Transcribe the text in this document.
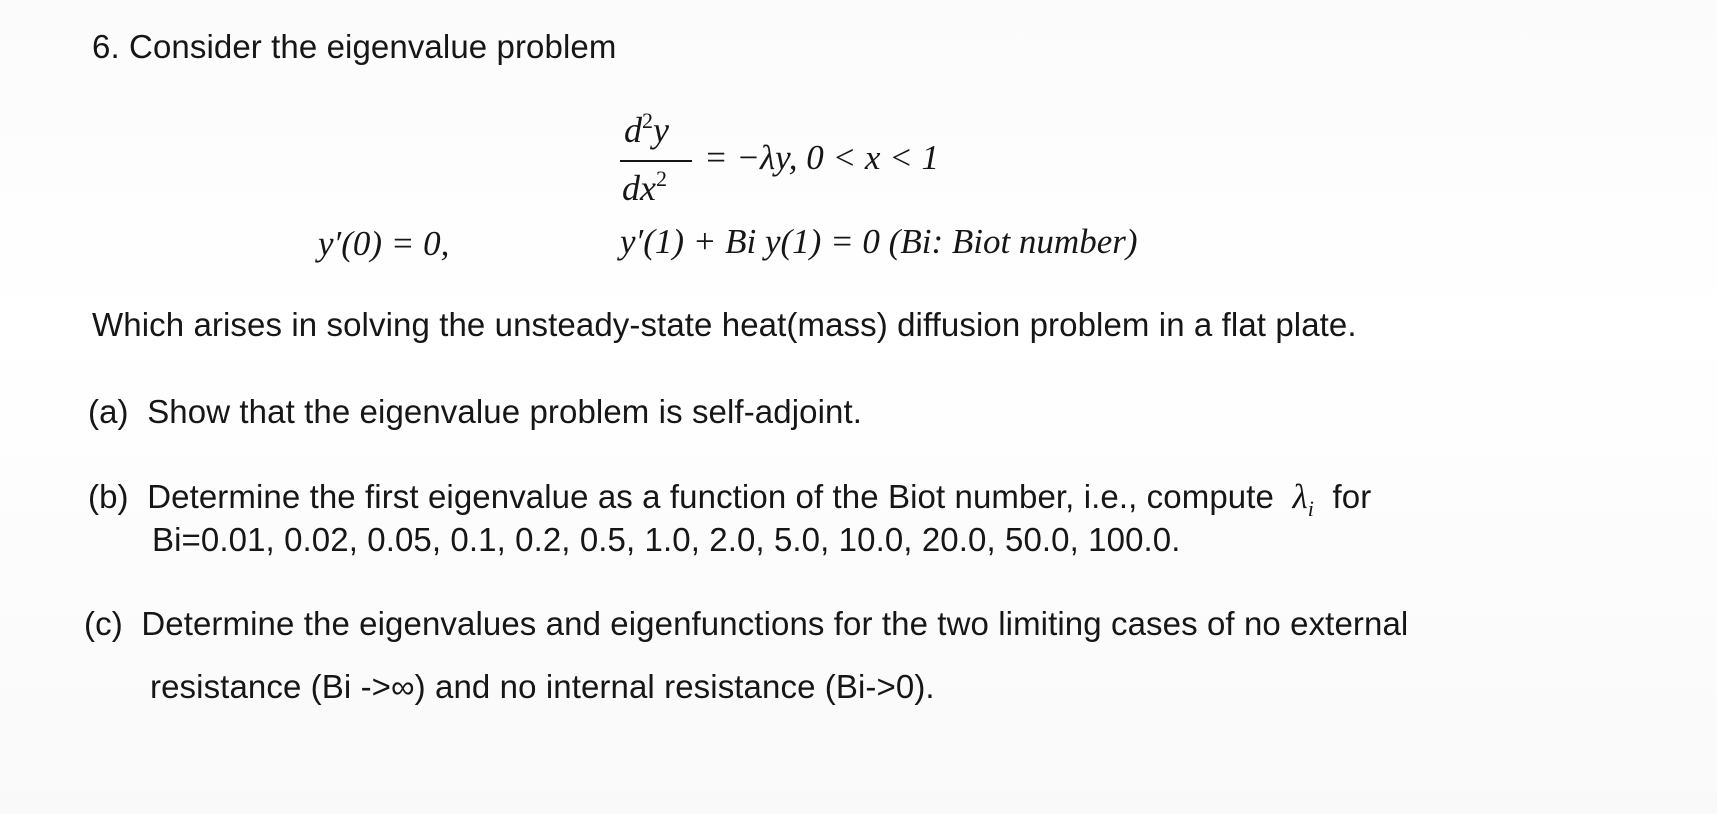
6. Consider the eigenvalue problem
$d^2y$
$dx^2$
= −λy, 0 < x < 1
y′(0) = 0,	y′(1) + Bi y(1) = 0 (Bi: Biot number)
Which arises in solving the unsteady-state heat(mass) diffusion problem in a flat plate.
(a) Show that the eigenvalue problem is self-adjoint.
(b) Determine the first eigenvalue as a function of the Biot number, i.e., compute $\lambda_i$ for
Bi=0.01, 0.02, 0.05, 0.1, 0.2, 0.5, 1.0, 2.0, 5.0, 10.0, 20.0, 50.0, 100.0.
(c) Determine the eigenvalues and eigenfunctions for the two limiting cases of no external
resistance (Bi ->∞) and no internal resistance (Bi->0).
